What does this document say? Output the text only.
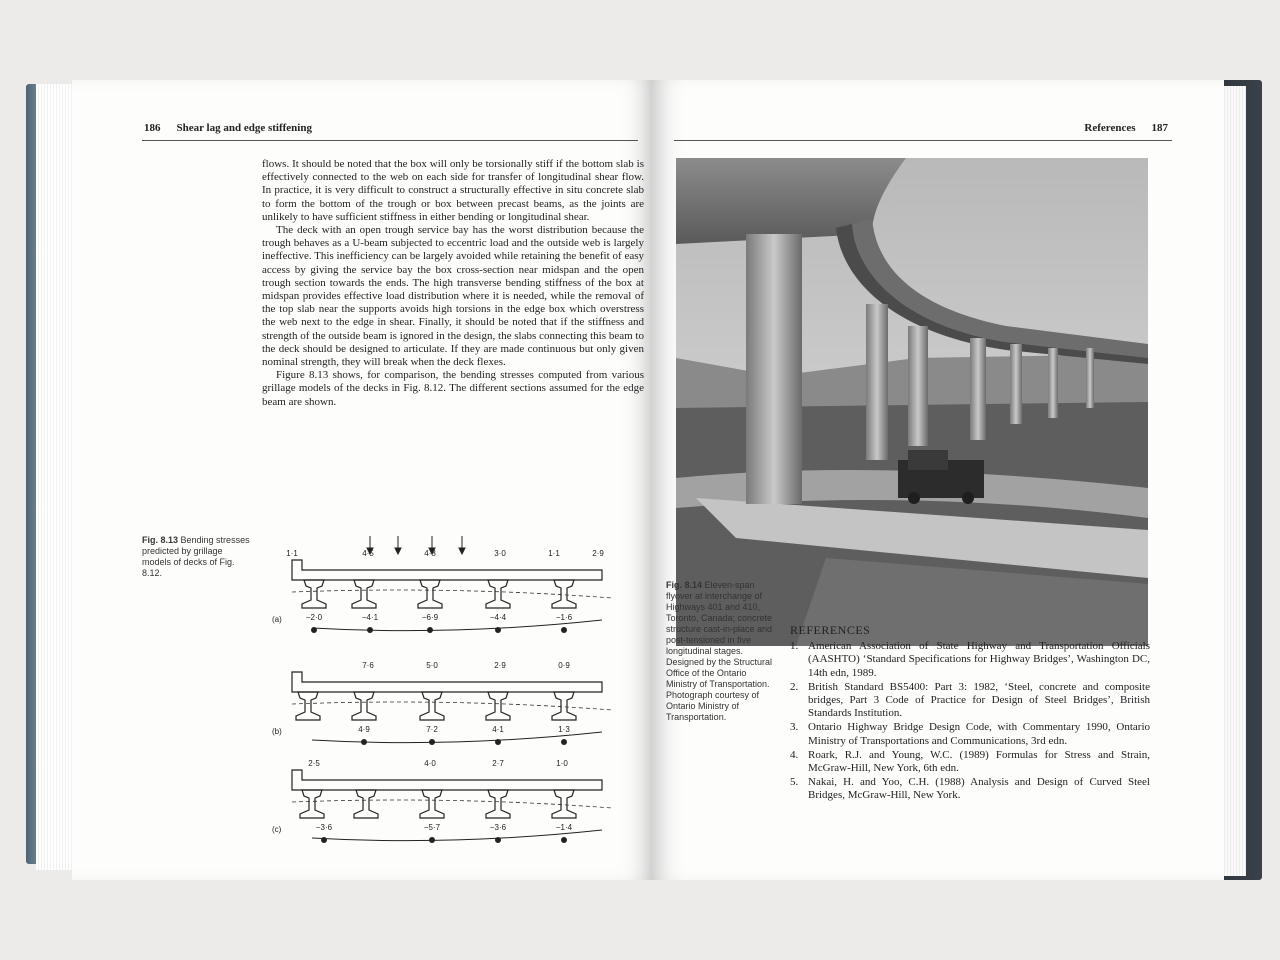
186 Shear lag and edge stiffening

flows. It should be noted that the box will only be torsionally stiff if the bottom slab is effectively connected to the web on each side for transfer of longitudinal shear flow. In practice, it is very difficult to construct a structurally effective in situ concrete slab to form the bottom of the trough or box between precast beams, as the joints are unlikely to have sufficient stiffness in either bending or longitudinal shear.

The deck with an open trough service bay has the worst distribution because the trough behaves as a U-beam subjected to eccentric load and the outside web is largely ineffective. This inefficiency can be largely avoided while retaining the benefit of easy access by giving the service bay the box cross-section near midspan and the open trough section towards the ends. The high transverse bending stiffness of the box at midspan provides effective load distribution where it is needed, while the removal of the top slab near the supports avoids high torsions in the edge box which overstress the web next to the edge in shear. Finally, it should be noted that if the stiffness and strength of the outside beam is ignored in the design, the slabs connecting this beam to the deck should be designed to articulate. If they are made continuous but only given nominal strength, they will break when the deck flexes.

Figure 8.13 shows, for comparison, the bending stresses computed from various grillage models of the decks in Fig. 8.12. The different sections assumed for the edge beam are shown.

Fig. 8.13 Bending stresses predicted by grillage models of decks of Fig. 8.12.
(a)
1·1	4·5	4·8	3·0	1·1	2·9
−2·0	−4·1	−6·9	−4·4	−1·6
(b)
7·6	5·0	2·9	0·9
4·9	7·2	4·1	1·3
(c)
2·5	4·0	2·7	1·0
−3·6	−5·7	−3·6	−1·4
References 187
Fig. 8.14 Eleven-span flyover at interchange of Highways 401 and 410, Toronto, Canada; concrete structure cast-in-place and post-tensioned in five longitudinal stages. Designed by the Structural Office of the Ontario Ministry of Transportation. Photograph courtesy of Ontario Ministry of Transportation.
REFERENCES
1. American Association of State Highway and Transportation Officials (AASHTO) ‘Standard Specifications for Highway Bridges’, Washington DC, 14th edn, 1989.
2. British Standard BS5400: Part 3: 1982, ‘Steel, concrete and composite bridges, Part 3 Code of Practice for Design of Steel Bridges’, British Standards Institution.
3. Ontario Highway Bridge Design Code, with Commentary 1990, Ontario Ministry of Transportations and Communications, 3rd edn.
4. Roark, R.J. and Young, W.C. (1989) Formulas for Stress and Strain, McGraw-Hill, New York, 6th edn.
5. Nakai, H. and Yoo, C.H. (1988) Analysis and Design of Curved Steel Bridges, McGraw-Hill, New York.
